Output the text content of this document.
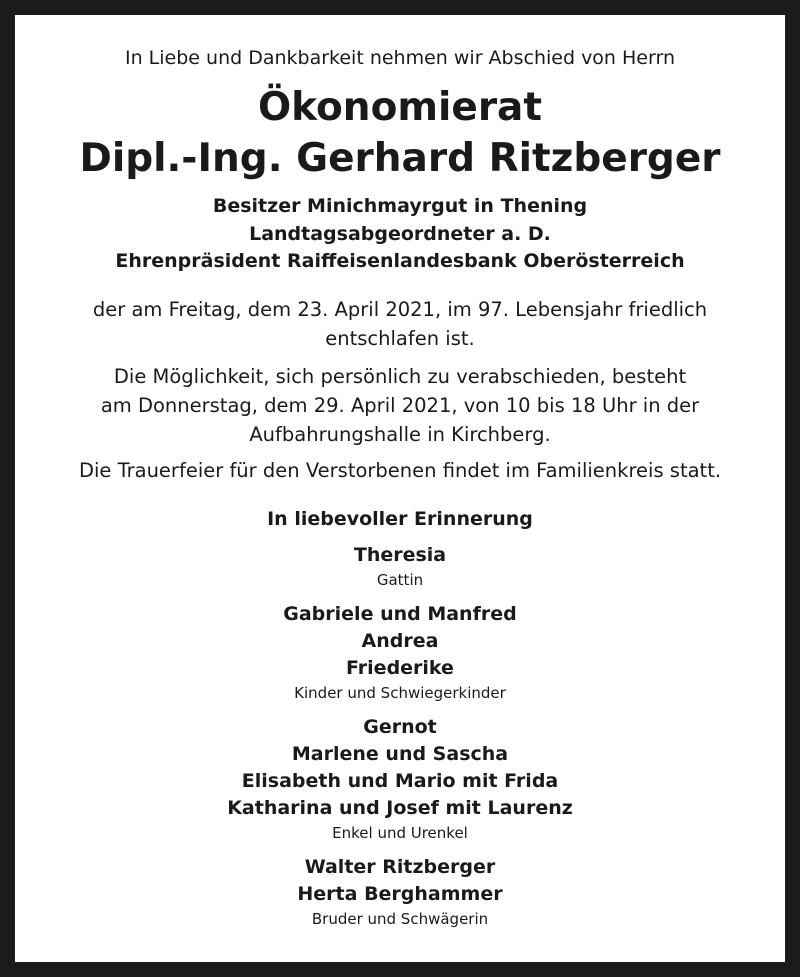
In Liebe und Dankbarkeit nehmen wir Abschied von Herrn
Ökonomierat
Dipl.-Ing. Gerhard Ritzberger
Besitzer Minichmayrgut in Thening
Landtagsabgeordneter a. D.
Ehrenpräsident Raiffeisenlandesbank Oberösterreich
der am Freitag, dem 23. April 2021, im 97. Lebensjahr friedlich
entschlafen ist.
Die Möglichkeit, sich persönlich zu verabschieden, besteht
am Donnerstag, dem 29. April 2021, von 10 bis 18 Uhr in der
Aufbahrungshalle in Kirchberg.
Die Trauerfeier für den Verstorbenen findet im Familienkreis statt.
In liebevoller Erinnerung
Theresia
Gattin
Gabriele und Manfred
Andrea
Friederike
Kinder und Schwiegerkinder
Gernot
Marlene und Sascha
Elisabeth und Mario mit Frida
Katharina und Josef mit Laurenz
Enkel und Urenkel
Walter Ritzberger
Herta Berghammer
Bruder und Schwägerin
